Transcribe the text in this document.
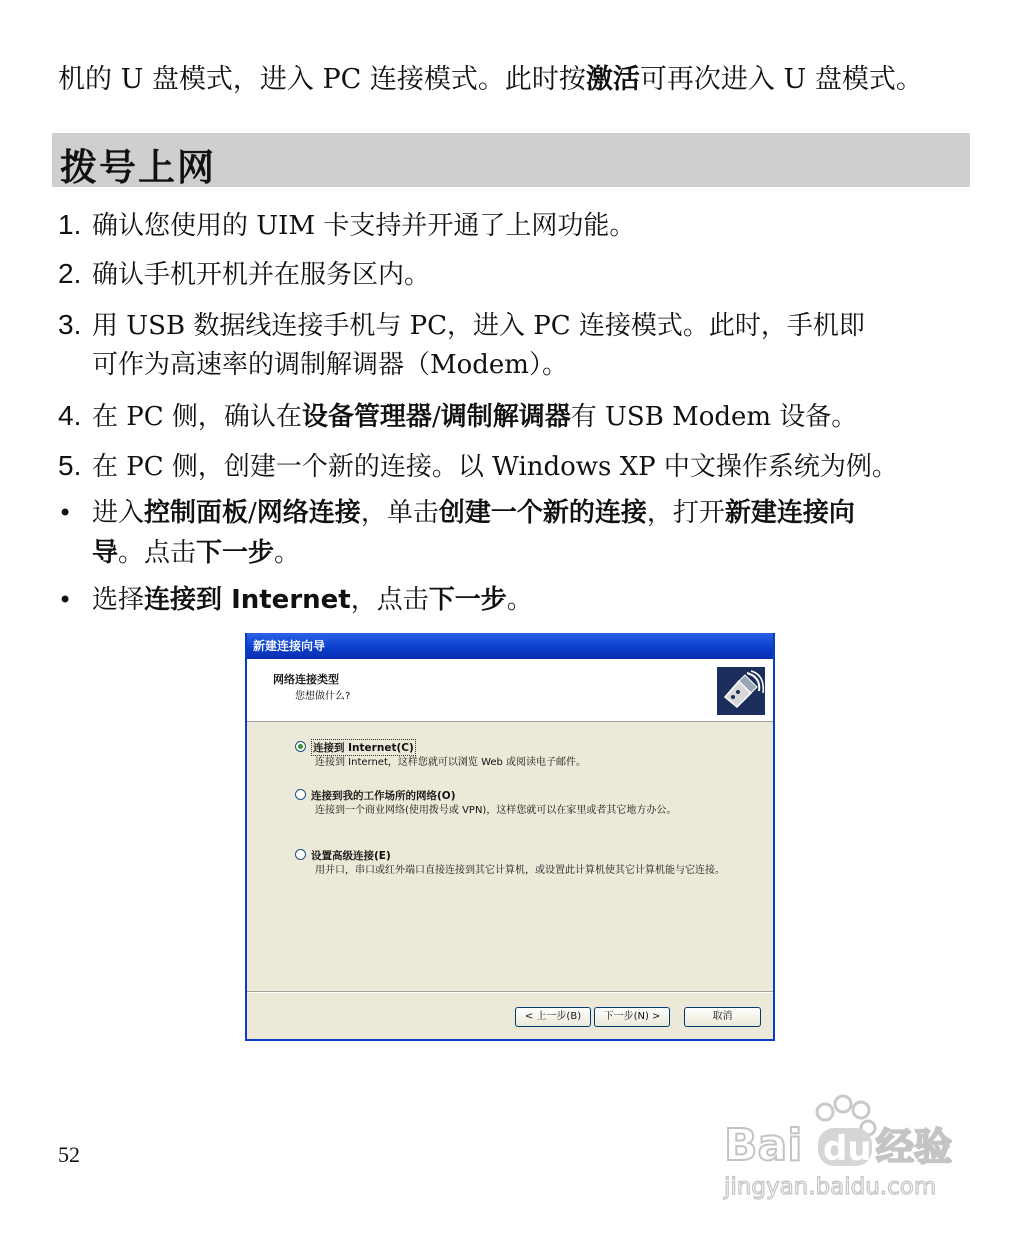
机的 U 盘模式，进入 PC 连接模式。此时按激活可再次进入 U 盘模式。
拨号上网
1. 确认您使用的 UIM 卡支持并开通了上网功能。
2. 确认手机开机并在服务区内。
3. 用 USB 数据线连接手机与 PC，进入 PC 连接模式。此时，手机即
可作为高速率的调制解调器（Modem）。
4. 在 PC 侧，确认在设备管理器/调制解调器有 USB Modem 设备。
5. 在 PC 侧，创建一个新的连接。以 Windows XP 中文操作系统为例。
• 进入控制面板/网络连接，单击创建一个新的连接，打开新建连接向
导。点击下一步。
• 选择连接到 Internet，点击下一步。
新建连接向导
网络连接类型
您想做什么?
连接到 Internet(C)
连接到 Internet，这样您就可以浏览 Web 或阅读电子邮件。
连接到我的工作场所的网络(O)
连接到一个商业网络(使用拨号或 VPN)，这样您就可以在家里或者其它地方办公。
设置高级连接(E)
用并口，串口或红外端口直接连接到其它计算机，或设置此计算机使其它计算机能与它连接。
< 上一步(B)	下一步(N) >	取消
52	Bai du 经验
jingyan.baidu.com
